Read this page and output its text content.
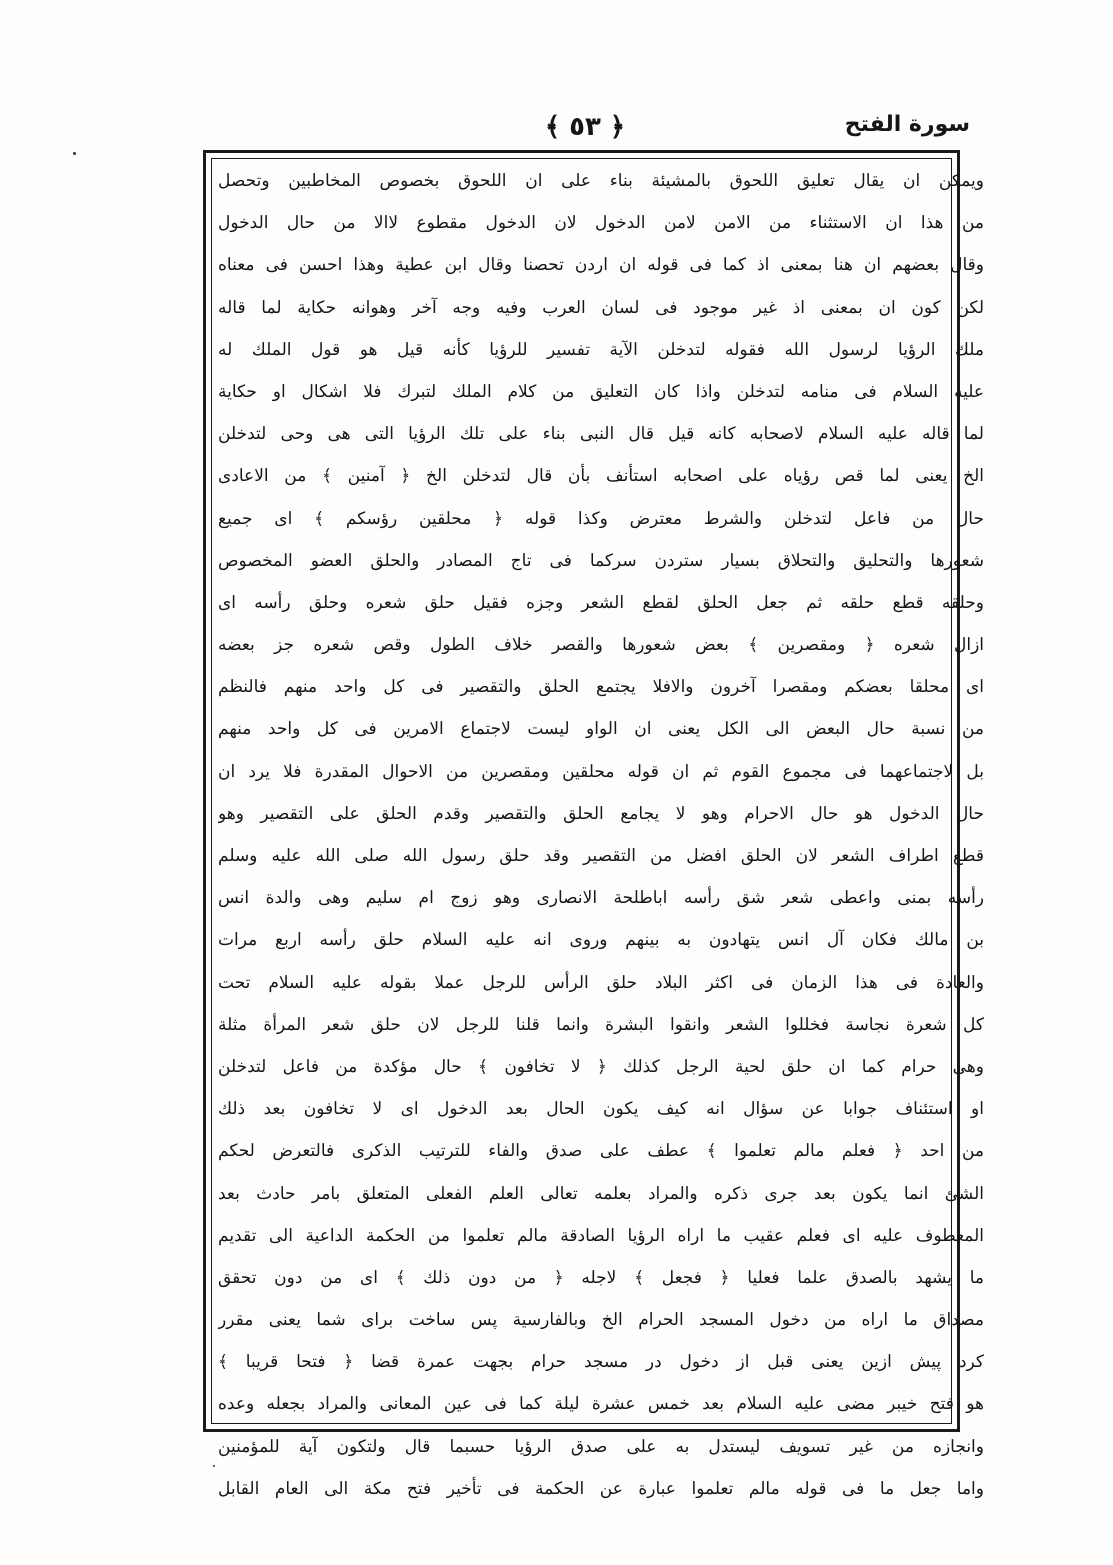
﴿ ٥٣ ﴾	سورة الفتح
ويمكن ان يقال تعليق اللحوق بالمشيئة بناء على ان اللحوق بخصوص المخاطبين وتحصل
من هذا ان الاستثناء من الامن لامن الدخول لان الدخول مقطوع لاالا من حال الدخول
وقال بعضهم ان هنا بمعنى اذ كما فى قوله ان اردن تحصنا وقال ابن عطية وهذا احسن فى معناه
لكن كون ان بمعنى اذ غير موجود فى لسان العرب وفيه وجه آخر وهوانه حكاية لما قاله
ملك الرؤيا لرسول الله فقوله لتدخلن الآية تفسير للرؤيا كأنه قيل هو قول الملك له
عليه السلام فى منامه لتدخلن واذا كان التعليق من كلام الملك لتبرك فلا اشكال او حكاية
لما قاله عليه السلام لاصحابه كانه قيل قال النبى بناء على تلك الرؤيا التى هى وحى لتدخلن
الخ يعنى لما قص رؤياه على اصحابه استأنف بأن قال لتدخلن الخ ﴿ آمنين ﴾ من الاعادى
حال من فاعل لتدخلن والشرط معترض وكذا قوله ﴿ محلقين رؤسكم ﴾ اى جميع
شعورها والتحليق والتحلاق بسيار ستردن سركما فى تاج المصادر والحلق العضو المخصوص
وحلقه قطع حلقه ثم جعل الحلق لقطع الشعر وجزه فقيل حلق شعره وحلق رأسه اى
ازال شعره ﴿ ومقصرين ﴾ بعض شعورها والقصر خلاف الطول وقص شعره جز بعضه
اى محلقا بعضكم ومقصرا آخرون والافلا يجتمع الحلق والتقصير فى كل واحد منهم فالنظم
من نسبة حال البعض الى الكل يعنى ان الواو ليست لاجتماع الامرين فى كل واحد منهم
بل لاجتماعهما فى مجموع القوم ثم ان قوله محلقين ومقصرين من الاحوال المقدرة فلا يرد ان
حال الدخول هو حال الاحرام وهو لا يجامع الحلق والتقصير وقدم الحلق على التقصير وهو
قطع اطراف الشعر لان الحلق افضل من التقصير وقد حلق رسول الله صلى الله عليه وسلم
رأسه بمنى واعطى شعر شق رأسه اباطلحة الانصارى وهو زوج ام سليم وهى والدة انس
بن مالك فكان آل انس يتهادون به بينهم وروى انه عليه السلام حلق رأسه اربع مرات
والعادة فى هذا الزمان فى اكثر البلاد حلق الرأس للرجل عملا بقوله عليه السلام تحت
كل شعرة نجاسة فخللوا الشعر وانقوا البشرة وانما قلنا للرجل لان حلق شعر المرأة مثلة
وهى حرام كما ان حلق لحية الرجل كذلك ﴿ لا تخافون ﴾ حال مؤكدة من فاعل لتدخلن
او استئناف جوابا عن سؤال انه كيف يكون الحال بعد الدخول اى لا تخافون بعد ذلك
من احد ﴿ فعلم مالم تعلموا ﴾ عطف على صدق والفاء للترتيب الذكرى فالتعرض لحكم
الشئ انما يكون بعد جرى ذكره والمراد بعلمه تعالى العلم الفعلى المتعلق بامر حادث بعد
المعطوف عليه اى فعلم عقيب ما اراه الرؤيا الصادقة مالم تعلموا من الحكمة الداعية الى تقديم
ما يشهد بالصدق علما فعليا ﴿ فجعل ﴾ لاجله ﴿ من دون ذلك ﴾ اى من دون تحقق
مصداق ما اراه من دخول المسجد الحرام الخ وبالفارسية پس ساخت براى شما يعنى مقرر
كرد پيش ازين يعنى قبل از دخول در مسجد حرام بجهت عمرة قضا ﴿ فتحا قريبا ﴾
هو فتح خيبر مضى عليه السلام بعد خمس عشرة ليلة كما فى عين المعانى والمراد بجعله وعده
وانجازه من غير تسويف ليستدل به على صدق الرؤيا حسبما قال ولتكون آية للمؤمنين
واما جعل ما فى قوله مالم تعلموا عبارة عن الحكمة فى تأخير فتح مكة الى العام القابل
